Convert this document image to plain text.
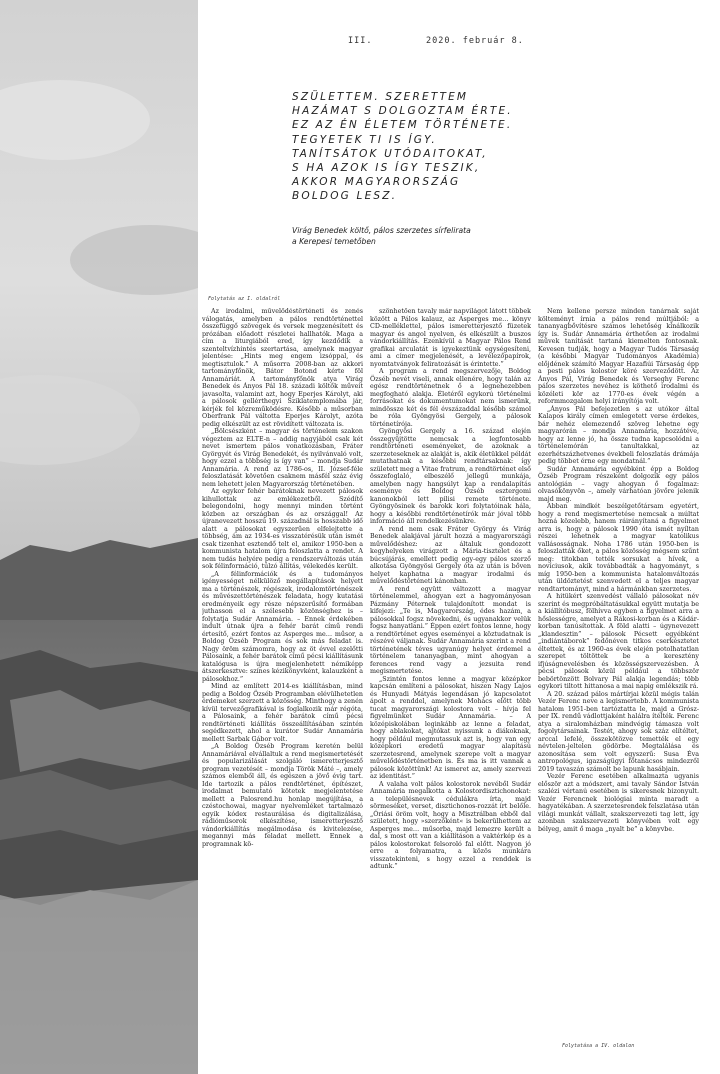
III.	2020. február 8.
SZÜLETTEM. SZERETTEM
HAZÁMAT S DOLGOZTAM ÉRTE.
EZ AZ ÉN ÉLETEM TÖRTÉNETE.
TEGYETEK TI IS ÍGY.
TANÍTSÁTOK UTÓDAITOKAT,
S HA AZOK IS ÍGY TESZIK,
AKKOR MAGYARORSZÁG
BOLDOG LESZ.
Virág Benedek költő, pálos szerzetes sírfelirata
a Kerepesi temetőben
Folytatás az I. oldalról

Az irodalmi, művelődéstörténeti és zenés válogatás, amelyben a pálos rendtörténettel összefüggő szövegek és versek megzenésített és prózában előadott részletei hallhatók. Maga a cím a liturgiából ered, így kezdődik a szenteltvízhintés szertartása, amelynek magyar jelentése: „Hints meg engem izsóppal, és megtisztulok.” A műsorra 2008-ban az akkori tartományfőnök, Bátor Botond kérte föl Annamáriát. A tartományfőnök atya Virág Benedek és Ányos Pál 18. századi költők műveit javasolta, valamint azt, hogy Eperjes Károlyt, aki a pálosok gellérthegyi Sziklatemplomába jár, kérjék fel közreműködésre. Később a műsorban Oberfrank Pál váltotta Eperjes Károlyt, azóta pedig elkészült az est rövidített változata is.

„Bölcsészként – magyar és történelem szakon végeztem az ELTE-n – addig nagyjából csak két nevet ismertem pálos vonatkozásban, Fráter Györgyét és Virág Benedekét, és nyilvánvaló volt, hogy ezzel a többség is így van” – mondja Sudár Annamária. A rend az 1786-os, II. József-féle feloszlatását követően csaknem másfél száz évig nem lehetett jelen Magyarország történetében.

Az egykor fehér barátoknak nevezett pálosok kihullottak az emlékezetből. Szédítő belegondolni, hogy mennyi minden történt közben az országban és az országgal! Az újranevezett hosszú 19. századnál is hosszabb idő alatt a pálosokat egyszerűen elfelejtette a többség, ám az 1934-es visszatérésük után ismét csak tizenhat esztendő telt el, amikor 1950-ben a kommunista hatalom újra feloszlatta a rendet. A nem tudás helyére pedig a rendszerváltozás után sok félinformáció, túlzó állítás, vélekedés került.

„A félinformációk és a tudományos igényességet nélkülöző megállapítások helyett ma a történészek, régészek, irodalomtörténészek és művészettörténészek feladata, hogy kutatási eredményeik egy része népszerűsítő formában juthasson el a szélesebb közönséghez is – folytatja Sudár Annamária. – Ennek érdekében indult útnak újra a fehér barát című rendi értesítő, ezért fontos az Asperges me… műsor, a Boldog Özséb Program és sok más feladat is. Nagy öröm számomra, hogy az öt évvel ezelőtti Pálosaink, a fehér barátok című pécsi kiállításunk katalógusa is újra megjelenhetett némiképp átszerkesztve: színes kézikönyvként, kalauzként a pálosokhoz.”

Mind az említett 2014-es kiállításban, mind pedig a Boldog Özséb Programban elévülhetetlen érdemeket szerzett a közösség. Minthogy a zenén kívül tervezőgrafikával is foglalkozik már régóta, a Pálosaink, a fehér barátok című pécsi rendtörténeti kiállítás összeállításában szintén segédkezett, ahol a kurátor Sudár Annamária mellett Sarbak Gábor volt.

„A Boldog Özséb Program keretén belül Annamáriával elvállaltuk a rend megismertetését és popularizálását szolgáló ismeretterjesztő program vezetését – mondja Török Máté –, amely számos elemből áll, és egészen a jövő évig tart. Ide tartozik a pálos rendtörténet, építészet, irodalmat bemutató kötetek megjelentetése mellett a Palosrend.hu honlap megújítása, a czéstochowai, magyar nyelvemléket tartalmazó egyik kódex restaurálása és digitalizálása, rádióműsorok elkészítése, ismeretterjesztő vándorkiállítás megálmodása és kivitelezése, megannyi más feladat mellett. Ennek a programnak kö-

szönhetően tavaly már napvilágot látott többek között a Pálos kalauz, az Asperges me… könyv CD-melléklettel, pálos ismeretterjesztő füzetek magyar és angol nyelven, és elkészült a buszos vándorkiállítás. Ezenkívül a Magyar Pálos Rend grafikai arculatát is igyekeztünk egységesíteni, ami a címer megjelenését, a levélezőpapírok, nyomtatványok feliratozását is érintette.”

A program a rend megszervezője, Boldog Özséb nevét viseli, annak ellenére, hogy talán az egész rendtörténetnek ő a legnehezebben megfogható alakja. Életéről egykorú történelmi forrásokat és dokumentumokat nem ismerünk, mindössze két és fél évszázaddal később számol be róla Gyöngyösi Gergely, a pálosok történetírója.

Gyöngyösi Gergely a 16. század elején összegyűjtötte nemcsak a legfontosabb rendtörténeti eseményeket, de azoknak a szerzeteseknek az alakját is, akik életükkel példát mutathatnak a későbbi rendtársaknak: így született meg a Vitae fratrum, a rendtörténet első összefoglaló, elbeszélő jellegű munkája, amelyben nagy hangsúlyt kap a rendalapítás eseménye és Boldog Özséb esztergomi kanonokból lett pilisi remete története. Gyöngyösinek és barokk kori folytatóinak hála, hogy a későbbi rendtörténetírók már jóval több információ áll rendelkezésünkre.

A rend nem csak Fráter György és Virág Benedek alakjával járult hozzá a magyarországi művelődéshez: az általuk gondozott kegyhelyeken virágzott a Mária-tisztelet és a búcsújárás, emellett pedig egy-egy pálos szerző alkotása Gyöngyösi Gergely óta az után is bőven helyet kaphatna a magyar irodalmi és művelődéstörténeti kánonban.

A rend együtt változott a magyar történelemmel, ahogyan ezt a hagyományosan Pázmány Péternek tulajdonított mondat is kifejezi: „Te is, Magyarország, édes hazám, a pálosokkal fogsz növekedni, és ugyanakkor velük fogsz hanyatlani.” Éppen ezért fontos lenne, hogy a rendtörténet egyes eseményei a köztudatnak is részévé váljanak. Sudár Annamária szerint a rend történetének téves ugyanúgy helyet érdemel a történelem tananyagban, mint ahogyan a ferences rend vagy a jezsuita rend megismertetése.

„Szintén fontos lenne a magyar középkor kapcsán említeni a pálosokat, hiszen Nagy Lajos és Hunyadi Mátyás legendásan jó kapcsolatot ápolt a renddel, amelynek Mohács előtt több tucat magyarországi kolostora volt – hívja fel figyelmünket Sudár Annamária. – A középiskolában leginkább az lenne a feladat, hogy ablakokat, ajtókat nyissunk a diákoknak, hogy például megmutassuk azt is, hogy van egy középkori eredetű magyar alapítású szerzetesrend, amelynek szerepe volt a magyar művelődéstörténetben is. És ma is itt vannak a pálosok közöttünk! Az ismeret az, amely szervezi az identitást.”

A valaha volt pálos kolostorok nevéből Sudár Annamária megalkotta a Kolostordisztichonokat: a településnevek cédulákra írta, majd sörmeséket, verset, disztichonos-rozzát írt belőle. „Óriási öröm volt, hogy a Misztrálban ebből dal született, hogy »szerzőként« is bekerülhettem az Asperges me… műsorba, majd lemezre került a dal, s most ott van a kiállításon a vaktérkép és a pálos kolostorokat felsoroló fal előtt. Nagyon jó erre a folyamatra, a közös munkára visszatekinteni, s hogy ezzel a renddek is adtunk.”

Nem kellene persze minden tanárnak saját költeményt írnia a pálos rend múltjából: a tananyagbővítésre számos lehetőség kínálkozik így is. Sudár Annamária érthetően az irodalmi művek tanítását tartaná kiemelten fontosnak. Kevesen tudják, hogy a Magyar Tudós Társaság (a későbbi Magyar Tudományos Akadémia) előjdének számító Magyar Hazafiúi Társaság épp a pesti pálos kolostor köré szerveződött. Az Ányos Pál, Virág Benedek és Verseghy Ferenc pálos szerzetes nevéhez is köthető irodalmi és közéleti kör az 1770-es évek végén a reformmozgalom helyi irányítója volt.

„Ányos Pál befejezetlen s az utókor által Kalapos király címen emlegetett verse érdekes, bár nehéz elemezendő szöveg lehetne egy magyarórán – mondja Annamária, hozzátéve, hogy az lenne jó, ha össze tudna kapcsolódni a történelemórán tanultakkal, az ezerhétszázhetvenes évekbeli feloszlatás drámája pedig többet érne egy mondatnál.”

Sudár Annamária egyébként épp a Boldog Özséb Program részeként dolgozik egy pálos antológián – vagy ahogyan ő fogalmaz: olvasókönyvön –, amely várhatóan jövőre jelenik majd meg.

Abban mindkét beszélgetőtársam egyetért, hogy a rend megismertetése nemcsak a múltat hozná közelebb, hanem ráirányítaná a figyelmet arra is, hogy a pálosok 1990 óta ismét nyíltan részei lehetnek a magyar katolikus vallásosságnak. Noha 1786 után 1950-ben is feloszlatták őket, a pálos közösség mégsem szűnt meg: titokban tették sorsukat a hívek, a novíciusok, akik továbbadták a hagyományt, s míg 1950-ben a kommunista hatalomváltozás után üldöztetést szenvedett el a teljes magyar rendtartományt, mind a hármánkban szerzetes.

A hitükért szenvedést vállaló pálosokat név szerint és megpróbáltatásukkal együtt mutatja be a kiállítóbusz, fölhívva egyben a figyelmet arra a hőslességre, amelyet a Rákosi-korban és a Kádár-korban tanúsítottak. A föld alatti – úgynevezett „klandesztin” – pálosok Pécsett egyébként „indiántáborok” fedőnéven titkos cserkésztetet éltettek, és az 1960-as évek elején potolhatatlan szerepet töltöttek be a keresztény ifjúságnevelésben és közösségszervezésben. A pécsi pálosok közül például a többször bebörtönzött Bolvary Pál alakja legendás; több egykori tiltott hittanosa a mai napig emlékszik rá.

A 20. század pálos mártírjai közül mégis talán Vezér Ferenc neve a legismertebb. A kommunista hatalom 1951-ben tartóztatta le, majd a Grósz-per IX. rendű vádlottjaként halálra ítélték. Ferenc atya a siralomházban mindvégig támasza volt fogolytársainak. Testét, ahogy sok száz elítéltet, arccal lefelé, összekötözve temették el egy névtelen-jeltelen gödörbe. Megtalálása és azonosítása sem volt egyszerű: Susa Éva antropológus, igazságügyi főtanácsos mindezről 2019 tavaszán számolt be lapunk hasábjain.

Vezér Ferenc esetében alkalmazta ugyanis először azt a módszert, ami tavaly Sándor István szalézi vértanú esetében is sikeresnek bizonyult. Vezér Ferencnek biológiai minta maradt a hagyatékában. A szerzetesrendek felszlatása után világi munkát vállalt, szakszervezeti tag lett, így azonban szakszervezeti könyvében volt egy bélyeg, amit ő maga „nyalt be” a könyvbe.

Folytatása a IV. oldalon
